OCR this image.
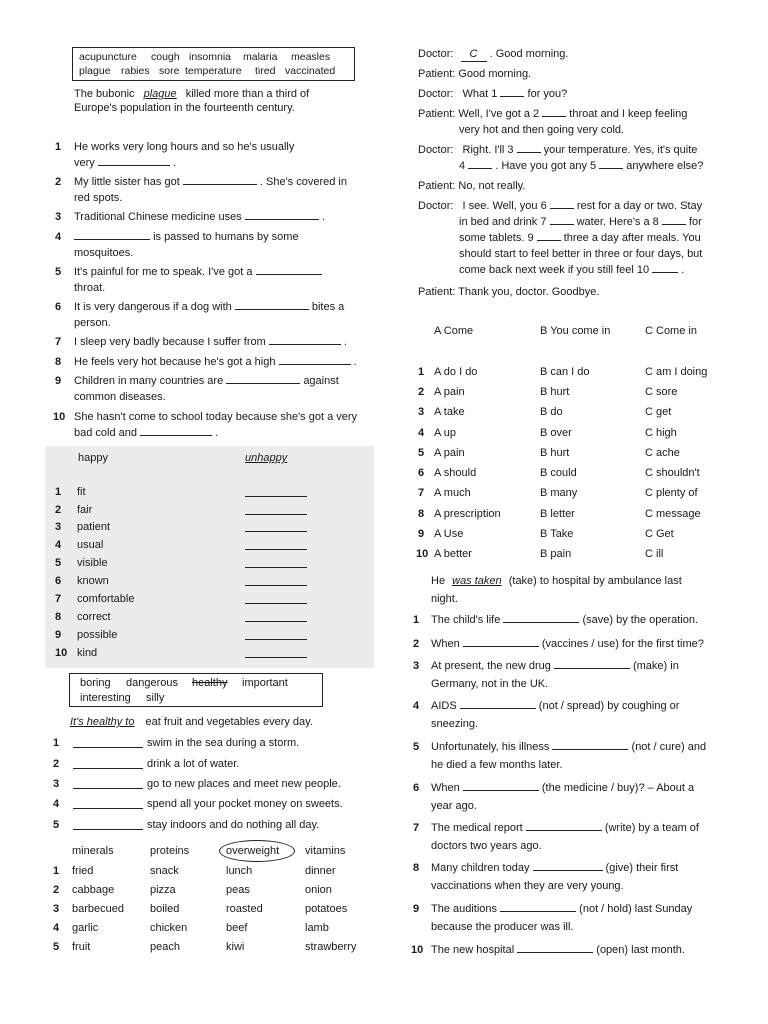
acupuncture cough insomnia malaria measles
plague rabies sore temperature tired vaccinated
The bubonic plague killed more than a third of
Europe's population in the fourteenth century.
1 He works very long hours and so he's usually
very	.
2 My little sister has got	. She's covered in
red spots.
3 Traditional Chinese medicine uses	.
4	is passed to humans by some
mosquitoes.
5 It's painful for me to speak. I've got a
throat.
6 It is very dangerous if a dog with	bites a
person.
7 I sleep very badly because I suffer from	.
8 He feels very hot because he's got a high	.
9 Children in many countries are	against
common diseases.
10 She hasn't come to school today because she's got a very
bad cold and	.
happy	unhappy
1 fit
2 fair
3 patient
4 usual
5 visible
6 known
7 comfortable
8 correct
9 possible
10 kind
boring dangerous healthy important
interesting silly
It's healthy to eat fruit and vegetables every day.
1	swim in the sea during a storm.
2	drink a lot of water.
3	go to new places and meet new people.
4	spend all your pocket money on sweets.
5	stay indoors and do nothing all day.
minerals	proteins	overweight vitamins
1 fried	snack	lunch	dinner
2 cabbage	pizza	peas	onion
3 barbecued boiled	roasted	potatoes
4 garlic	chicken	beef	lamb
5 fruit	peach	kiwi	strawberry
Doctor: C . Good morning.
Patient: Good morning.
Doctor: What 1	for you?
Patient: Well, I've got a 2	throat and I keep feeling
very hot and then going very cold.
Doctor: Right. I'll 3	your temperature. Yes, it's quite
4	. Have you got any 5	anywhere else?
Patient: No, not really.
Doctor: I see. Well, you 6	rest for a day or two. Stay
in bed and drink 7	water. Here's a 8	for
some tablets. 9	three a day after meals. You
should start to feel better in three or four days, but
come back next week if you still feel 10	.
Patient: Thank you, doctor. Goodbye.
A Come	B You come in	C Come in
1 A do I do	B can I do	C am I doing
2 A pain	B hurt	C sore
3 A take	B do	C get
4 A up	B over	C high
5 A pain	B hurt	C ache
6 A should	B could	C shouldn't
7 A much	B many	C plenty of
8 A prescription	B letter	C message
9 A Use	B Take	C Get
10 A better	B pain	C ill
He was taken (take) to hospital by ambulance last
night.
1 The child's life	(save) by the operation.
2 When	(vaccines / use) for the first time?
3 At present, the new drug	(make) in
Germany, not in the UK.
4 AIDS	(not / spread) by coughing or
sneezing.
5 Unfortunately, his illness	(not / cure) and
he died a few months later.
6 When	(the medicine / buy)? – About a
year ago.
7 The medical report	(write) by a team of
doctors two years ago.
8 Many children today	(give) their first
vaccinations when they are very young.
9 The auditions	(not / hold) last Sunday
because the producer was ill.
10 The new hospital	(open) last month.
